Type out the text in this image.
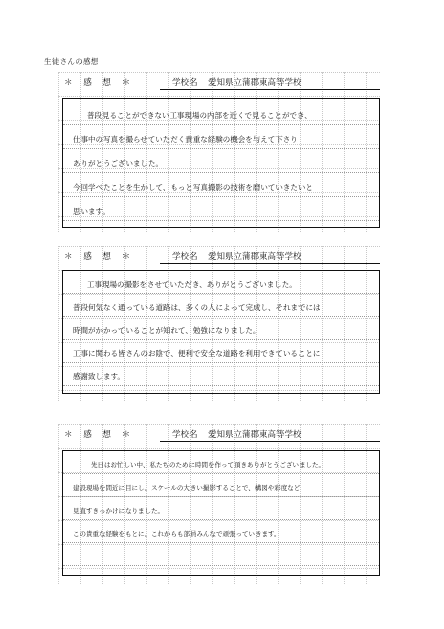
生徒さんの感想
＊ 感 想 ＊	学校名 愛知県立蒲郡東高等学校
普段見ることができない工事現場の内部を近くで見ることができ、
仕事中の写真を撮らせていただく貴重な経験の機会を与えて下さり
ありがとうございました。
今回学べたことを生かして、もっと写真撮影の技術を磨いていきたいと
思います。
＊ 感 想 ＊	学校名 愛知県立蒲郡東高等学校
工事現場の撮影をさせていただき、ありがとうございました。
普段何気なく通っている道路は、多くの人によって完成し、それまでには
時間がかかっていることが知れて、勉強になりました。
工事に関わる皆さんのお陰で、便利で安全な道路を利用できていることに
感謝致します。
＊ 感 想 ＊	学校名 愛知県立蒲郡東高等学校
先日はお忙しい中、私たちのために時間を作って頂きありがとうございました。
建設現場を間近に目にし、スケールの大きい撮影することで、構図や彩度など
見直すきっかけになりました。
この貴重な経験をもとに、これからも部員みんなで頑張っていきます。
